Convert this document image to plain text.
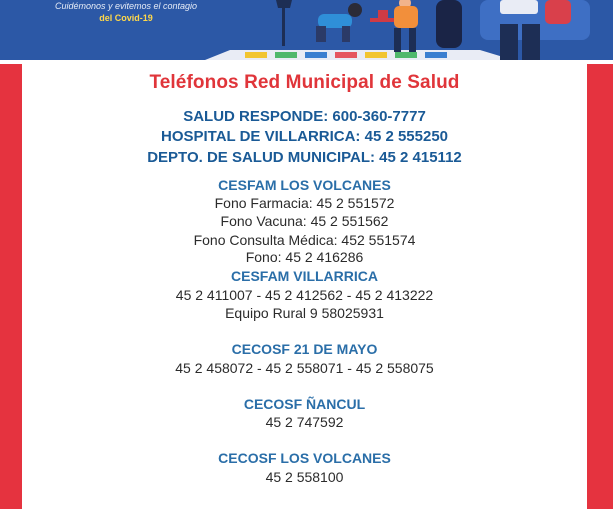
Cuidémonos y evitemos el contagio
del Covid-19
Teléfonos Red Municipal de Salud
SALUD RESPONDE: 600-360-7777
HOSPITAL DE VILLARRICA: 45 2 555250
DEPTO. DE SALUD MUNICIPAL: 45 2 415112
CESFAM LOS VOLCANES
Fono Farmacia: 45 2 551572
Fono Vacuna: 45 2 551562
Fono Consulta Médica: 452 551574
Fono: 45 2 416286
CESFAM VILLARRICA
45 2 411007 - 45 2 412562 - 45 2 413222
Equipo Rural 9 58025931
CECOSF 21 DE MAYO
45 2 458072 - 45 2 558071 - 45 2 558075
CECOSF ÑANCUL
45 2 747592
CECOSF LOS VOLCANES
45 2 558100
